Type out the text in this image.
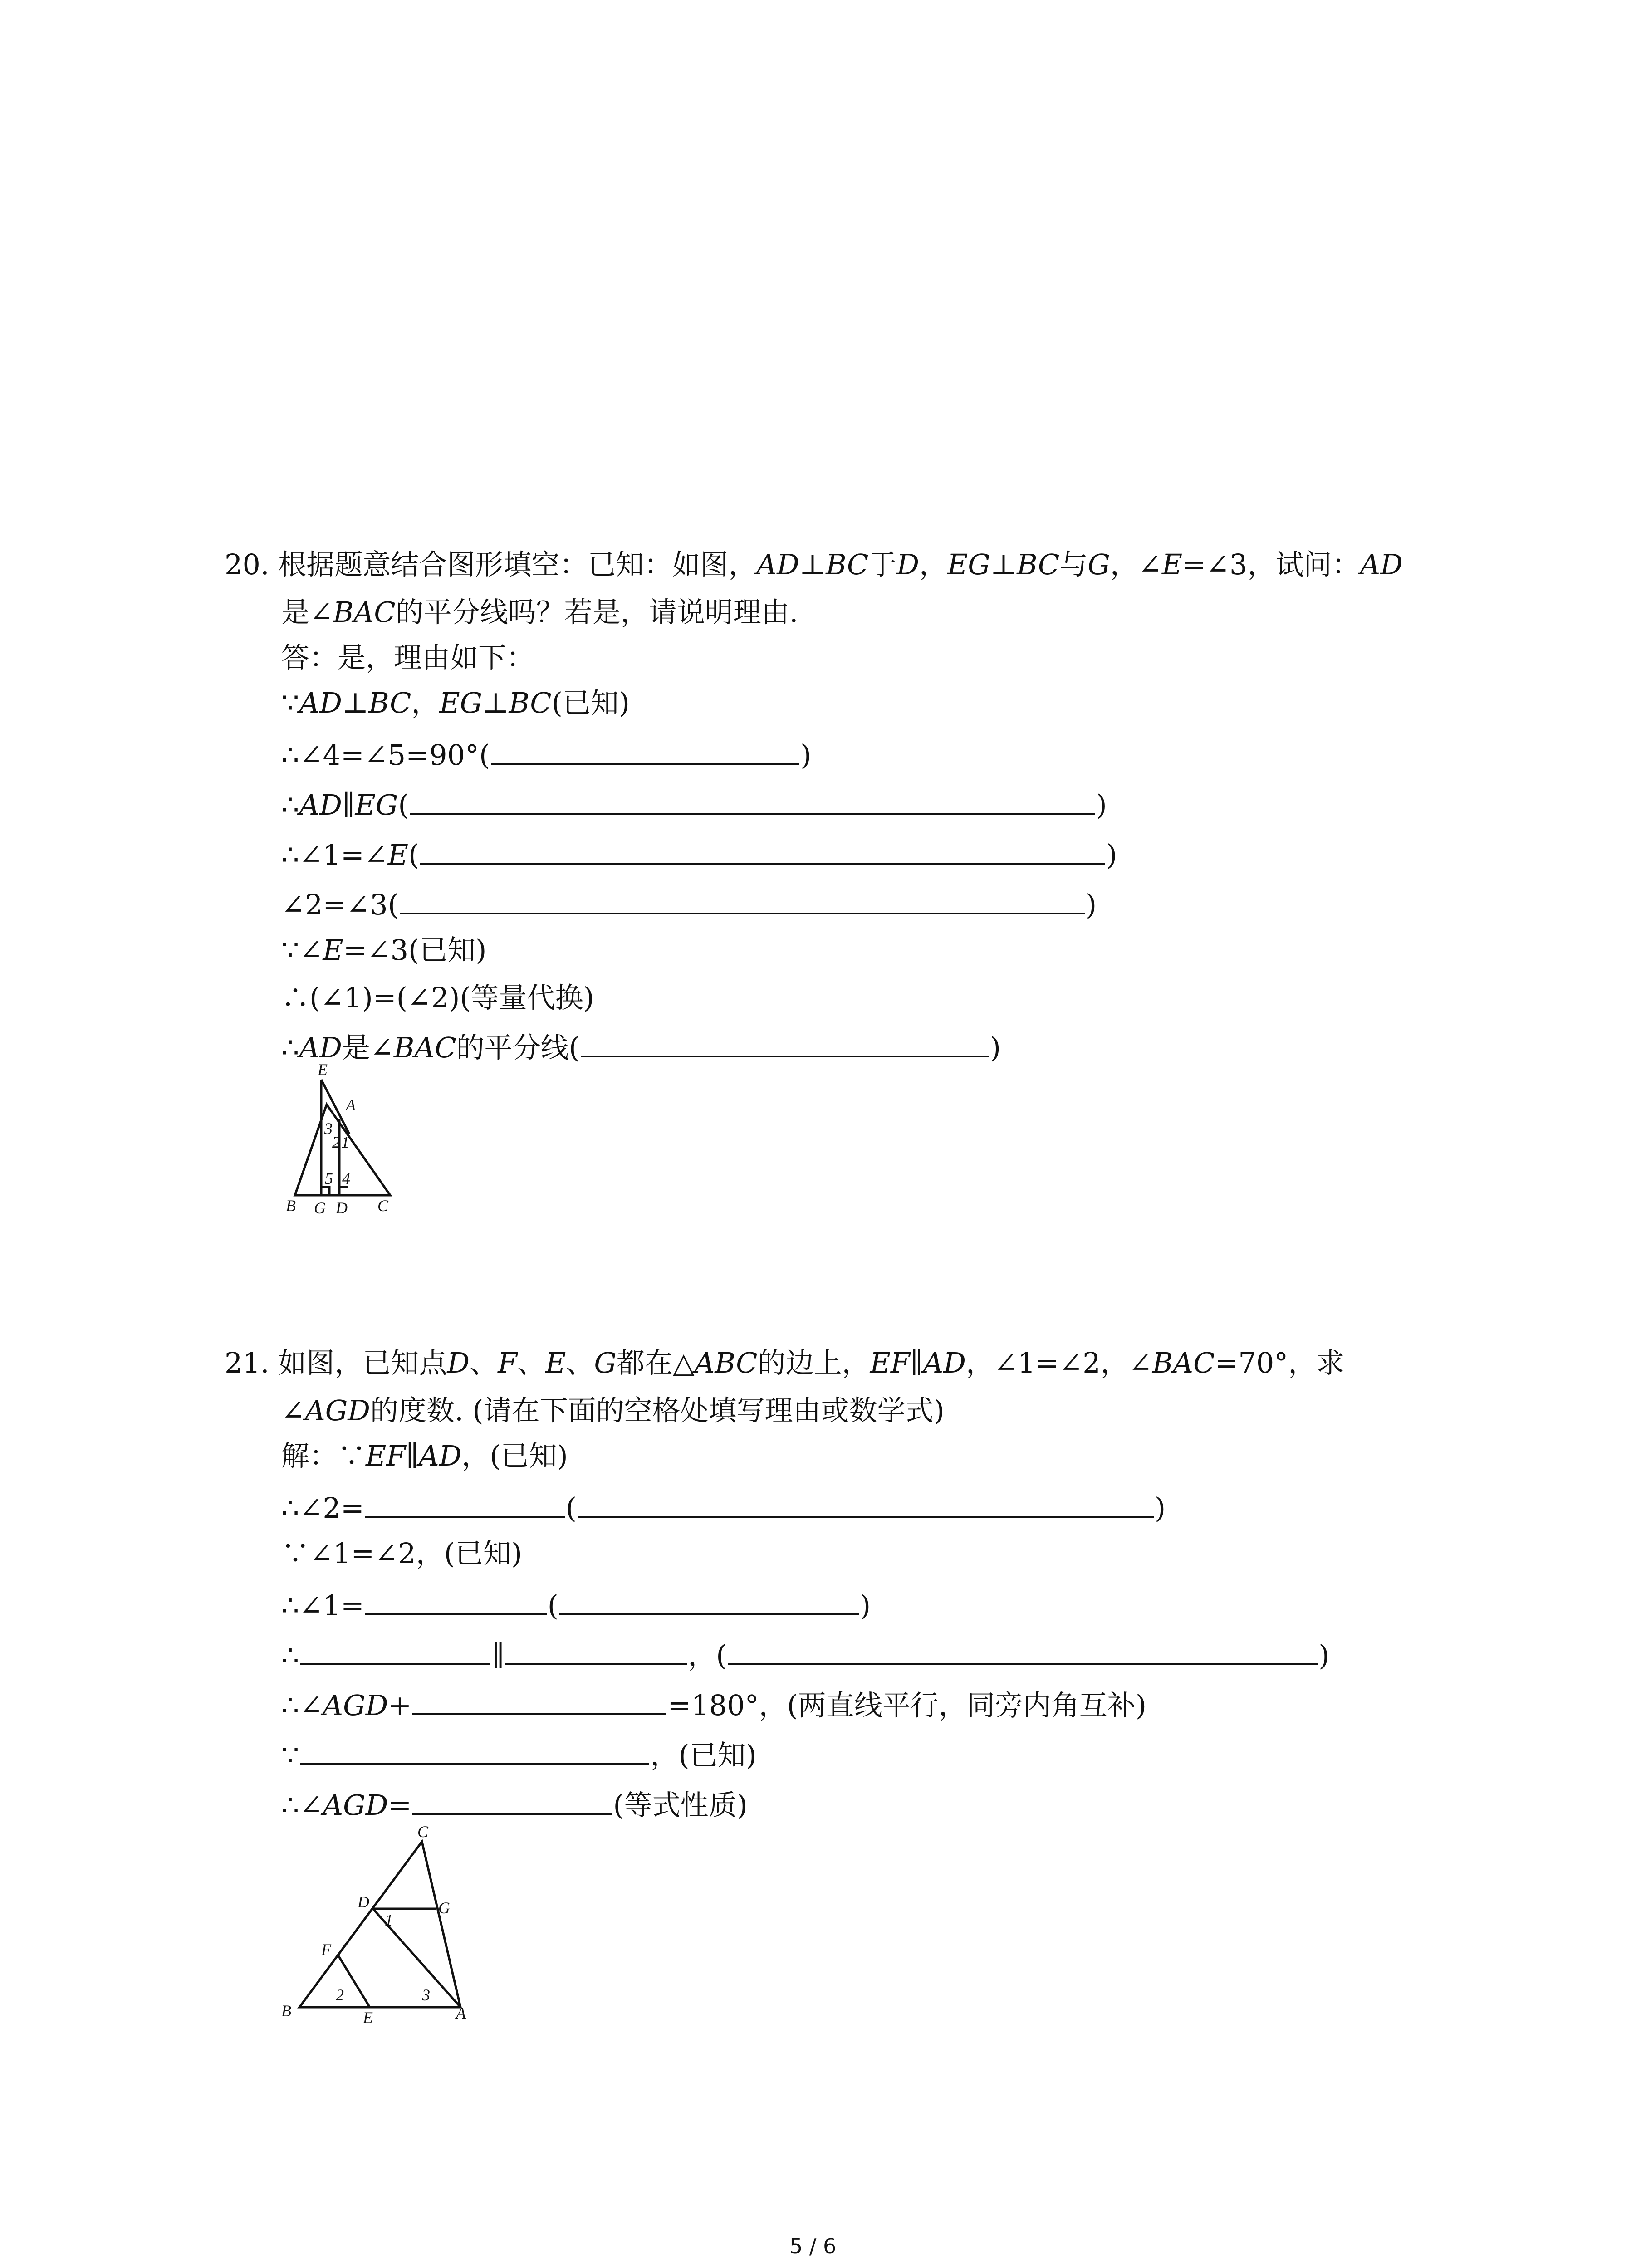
20. 根据题意结合图形填空：已知：如图，AD⊥BC于D，EG⊥BC与G，∠E=∠3，试问：AD
是∠BAC的平分线吗？若是，请说明理由.
答：是，理由如下：
∵AD⊥BC，EG⊥BC(已知)
∴∠4=∠5=90°(	)
∴AD∥EG(	)
∴∠1=∠E(	)
∠2=∠3(	)
∵∠E=∠3(已知)
∴(∠1)=(∠2)(等量代换)
∴AD是∠BAC的平分线(	)
E
A
3
2 1
5 4
B G D C
21. 如图，已知点D、F、E、G都在△ABC的边上，EF∥AD，∠1=∠2，∠BAC=70°，求
∠AGD的度数. (请在下面的空格处填写理由或数学式)
解：∵EF∥AD，(已知)
∴∠2=	(	)
∵∠1=∠2，(已知)
∴∠1=	(	)
∴	∥	，(	)
∴∠AGD+	=180°，(两直线平行，同旁内角互补)
∵	，(已知)
∴∠AGD=	(等式性质)
C
D	G
1
F
B
2
E
3
A
5 / 6
